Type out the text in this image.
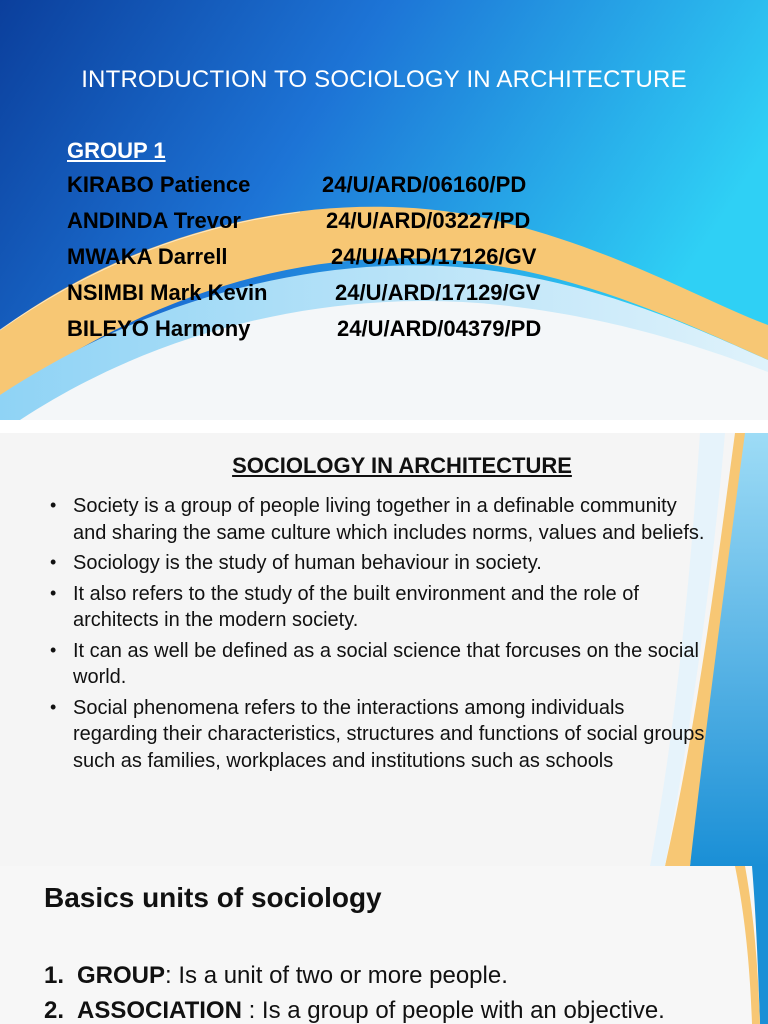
INTRODUCTION TO SOCIOLOGY IN ARCHITECTURE
GROUP 1
KIRABO Patience	24/U/ARD/06160/PD
ANDINDA Trevor	24/U/ARD/03227/PD
MWAKA Darrell	24/U/ARD/17126/GV
NSIMBI Mark Kevin	24/U/ARD/17129/GV
BILEYO Harmony	24/U/ARD/04379/PD
SOCIOLOGY IN ARCHITECTURE
• Society is a group of people living together in a definable community and sharing the same culture which includes norms, values and beliefs.
• Sociology is the study of human behaviour in society.
• It also refers to the study of the built environment and the role of architects in the modern society.
• It can as well be defined as a social science that forcuses on the social world.
• Social phenomena refers to the interactions among individuals regarding their characteristics, structures and functions of social groups such as families, workplaces and institutions such as schools
Basics units of sociology
1. GROUP: Is a unit of two or more people.
2. ASSOCIATION : Is a group of people with an objective.
